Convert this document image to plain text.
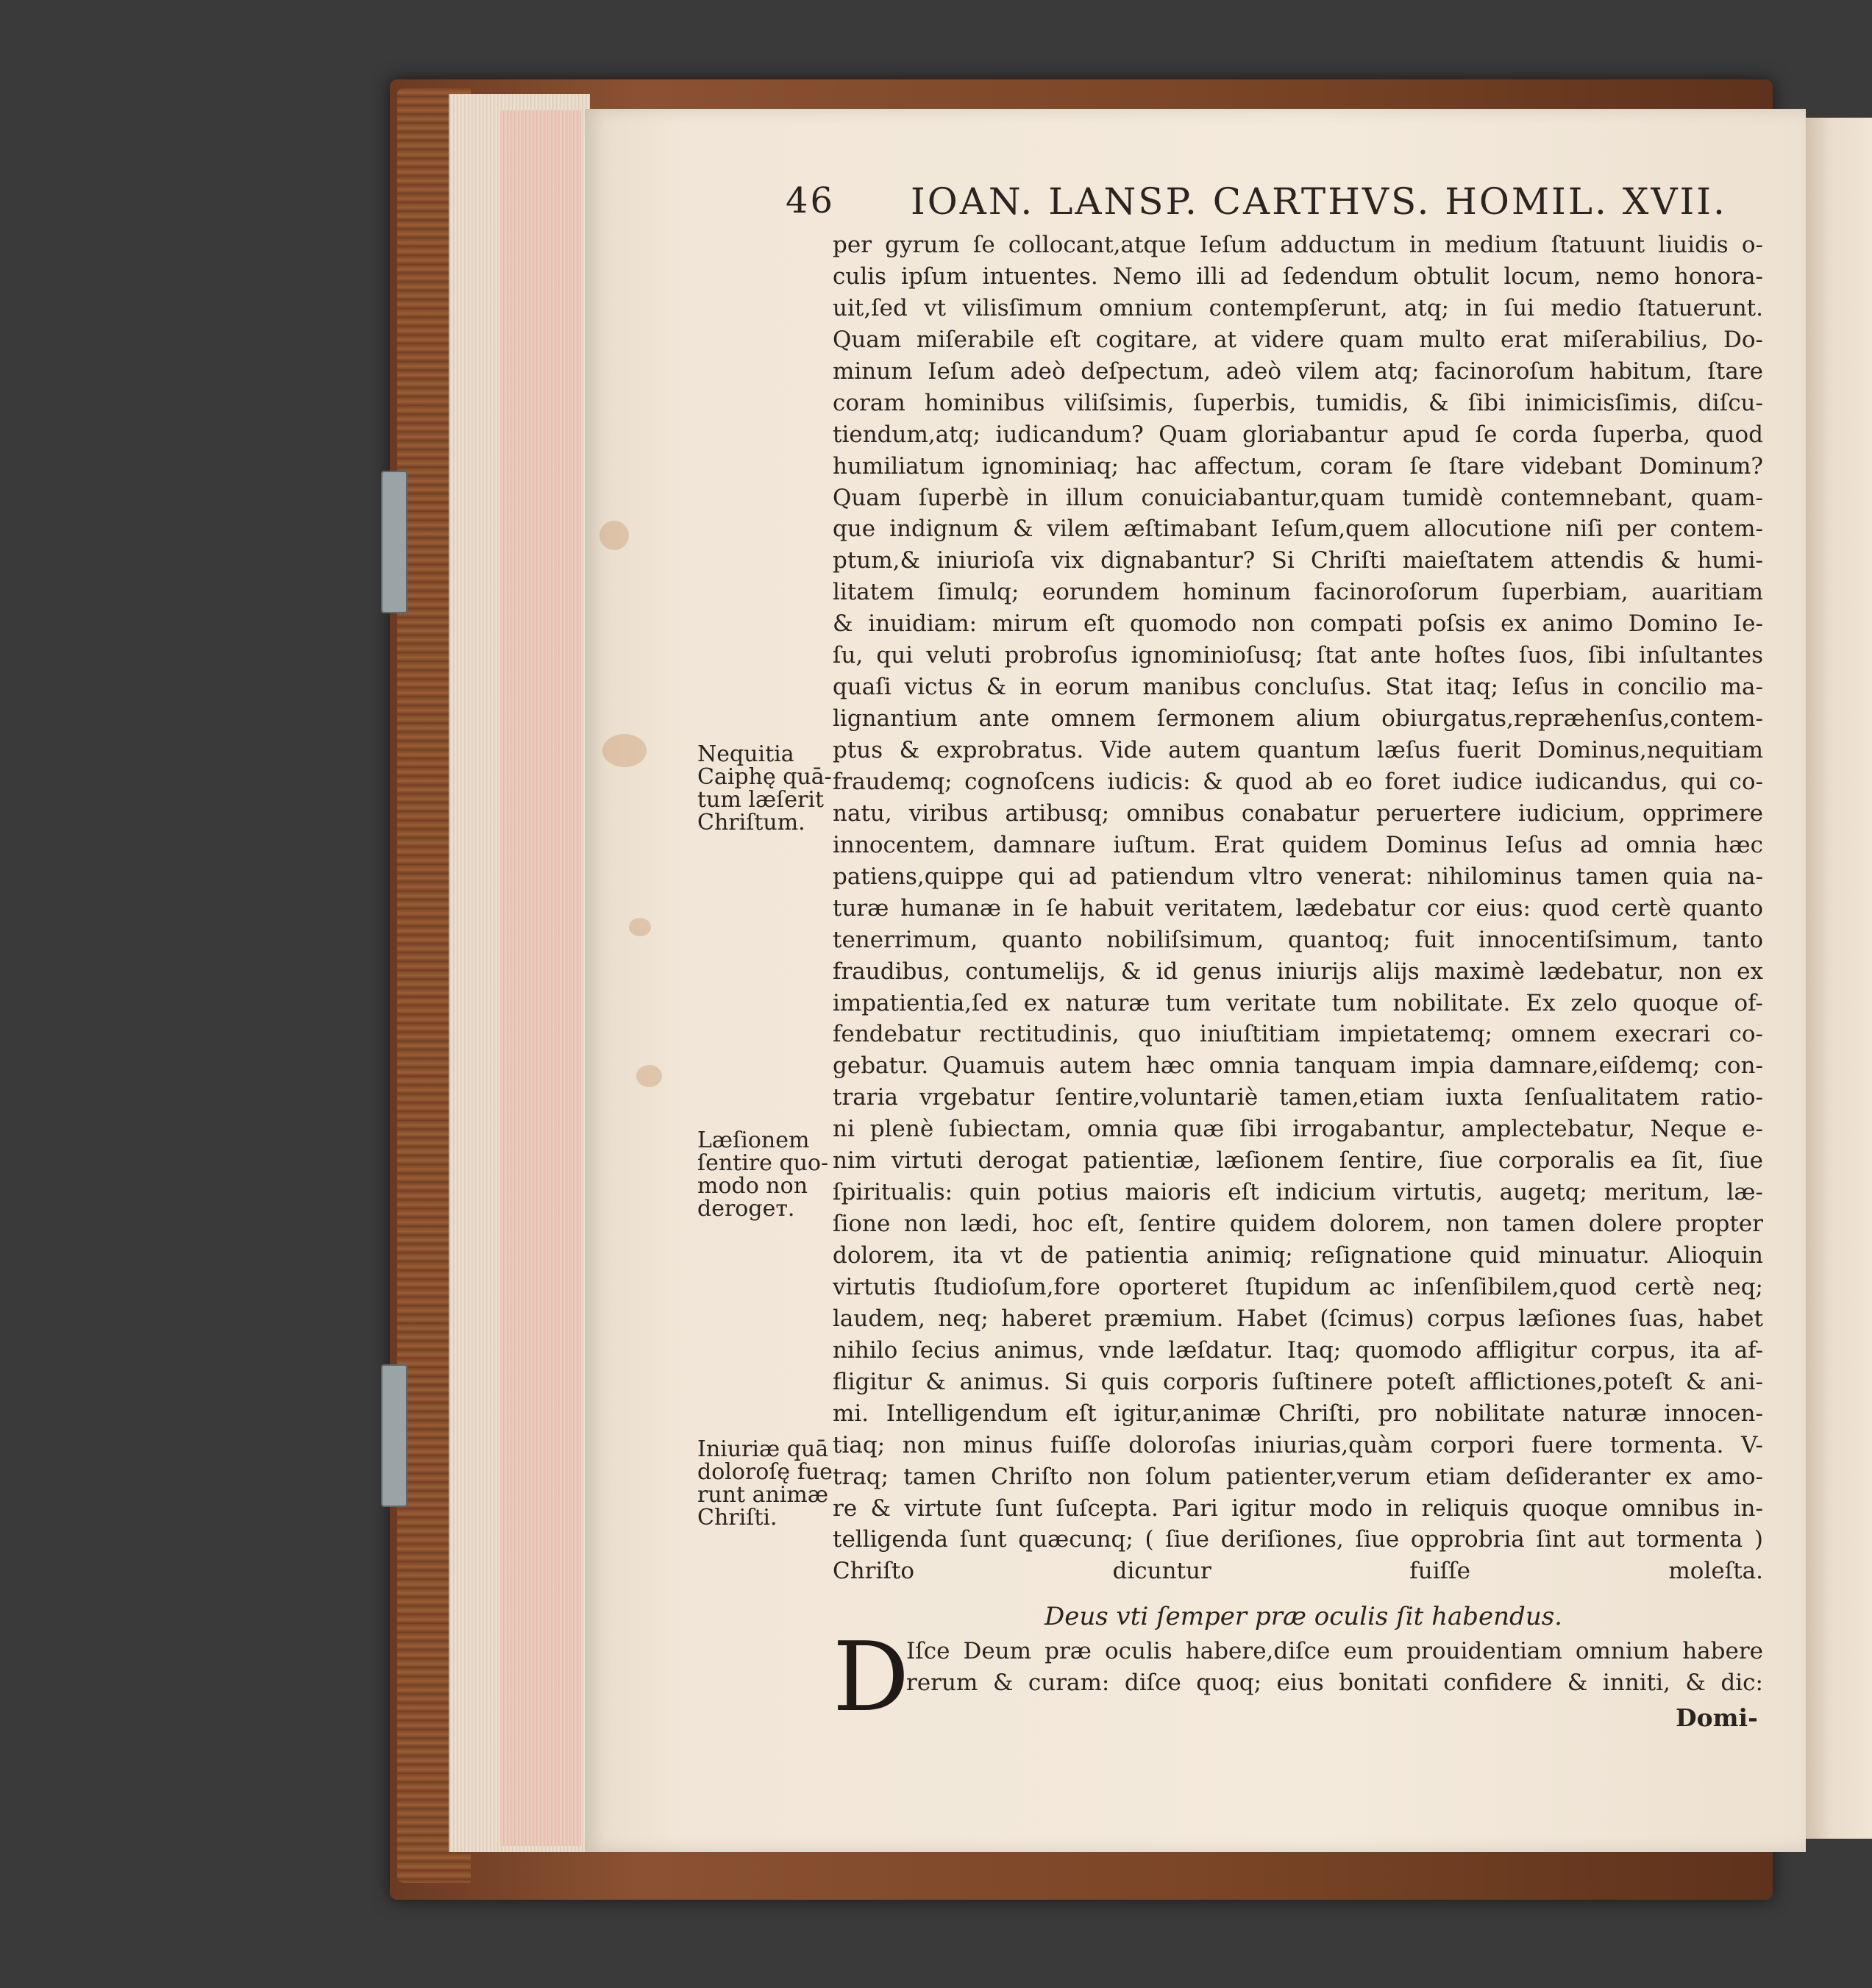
46 IOAN. LANSP. CARTHVS. HOMIL. XVII.
Nequitia
Caiphę quā-
tum læſerit
Chriſtum.
Læſionem
ſentire quo-
modo non
derogeт.
Iniuriæ quā
doloroſę fue
runt animæ
Chriſti.
per gyrum ſe collocant,atque Ieſum adductum in medium ſtatuunt liuidis o-
culis ipſum intuentes. Nemo illi ad ſedendum obtulit locum, nemo honora-
uit,ſed vt vilisſimum omnium contempſerunt, atq; in ſui medio ſtatuerunt.
Quam miſerabile eſt cogitare, at videre quam multo erat miſerabilius, Do-
minum Ieſum adeò deſpectum, adeò vilem atq; facinoroſum habitum, ſtare
coram hominibus viliſsimis, ſuperbis, tumidis, & ſibi inimicisſimis, diſcu-
tiendum,atq; iudicandum? Quam gloriabantur apud ſe corda ſuperba, quod
humiliatum ignominiaq; hac affectum, coram ſe ſtare videbant Dominum?
Quam ſuperbè in illum conuiciabantur,quam tumidè contemnebant, quam-
que indignum & vilem æſtimabant Ieſum,quem allocutione niſi per contem-
ptum,& iniurioſa vix dignabantur? Si Chriſti maieſtatem attendis & humi-
litatem ſimulq; eorundem hominum facinoroſorum ſuperbiam, auaritiam
& inuidiam: mirum eſt quomodo non compati poſsis ex animo Domino Ie-
ſu, qui veluti probroſus ignominioſusq; ſtat ante hoſtes ſuos, ſibi inſultantes
quaſi victus & in eorum manibus concluſus. Stat itaq; Ieſus in concilio ma-
lignantium ante omnem ſermonem alium obiurgatus,repræhenſus,contem-
ptus & exprobratus. Vide autem quantum læſus fuerit Dominus,nequitiam
fraudemq; cognoſcens iudicis: & quod ab eo foret iudice iudicandus, qui co-
natu, viribus artibusq; omnibus conabatur peruertere iudicium, opprimere
innocentem, damnare iuſtum. Erat quidem Dominus Ieſus ad omnia hæc
patiens,quippe qui ad patiendum vltro venerat: nihilominus tamen quia na-
turæ humanæ in ſe habuit veritatem, lædebatur cor eius: quod certè quanto
tenerrimum, quanto nobiliſsimum, quantoq; fuit innocentiſsimum, tanto
fraudibus, contumelijs, & id genus iniurijs alijs maximè lædebatur, non ex
impatientia,ſed ex naturæ tum veritate tum nobilitate. Ex zelo quoque of-
fendebatur rectitudinis, quo iniuſtitiam impietatemq; omnem execrari co-
gebatur. Quamuis autem hæc omnia tanquam impia damnare,eiſdemq; con-
traria vrgebatur ſentire,voluntariè tamen,etiam iuxta ſenſualitatem ratio-
ni plenè ſubiectam, omnia quæ ſibi irrogabantur, amplectebatur, Neque e-
nim virtuti derogat patientiæ, læſionem ſentire, ſiue corporalis ea ſit, ſiue
ſpiritualis: quin potius maioris eſt indicium virtutis, augetq; meritum, læ-
ſione non lædi, hoc eſt, ſentire quidem dolorem, non tamen dolere propter
dolorem, ita vt de patientia animiq; reſignatione quid minuatur. Alioquin
virtutis ſtudioſum,fore oporteret ſtupidum ac inſenſibilem,quod certè neq;
laudem, neq; haberet præmium. Habet (ſcimus) corpus læſiones ſuas, habet
nihilo ſecius animus, vnde læſdatur. Itaq; quomodo affligitur corpus, ita af-
fligitur & animus. Si quis corporis ſuſtinere poteſt afflictiones,poteſt & ani-
mi. Intelligendum eſt igitur,animæ Chriſti, pro nobilitate naturæ innocen-
tiaq; non minus fuiſſe doloroſas iniurias,quàm corpori fuere tormenta. V-
traq; tamen Chriſto non ſolum patienter,verum etiam deſideranter ex amo-
re & virtute ſunt ſuſcepta. Pari igitur modo in reliquis quoque omnibus in-
telligenda ſunt quæcunq; ( ſiue deriſiones, ſiue opprobria ſint aut tormenta )
Chriſto dicuntur fuiſſe moleſta.
Deus vti ſemper præ oculis ſit habendus.
D
Iſce Deum præ oculis habere,diſce eum prouidentiam omnium habere
rerum & curam: diſce quoq; eius bonitati confidere & inniti, & dic:
Domi-
